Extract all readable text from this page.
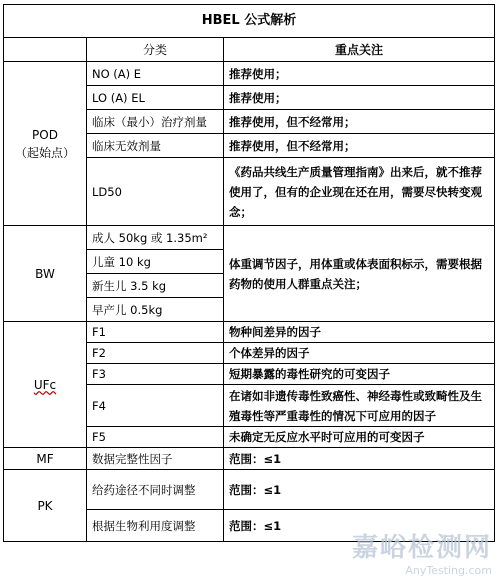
HBEL 公式解析		
	分类	重点关注

POD
（起始点）	NO (A) E	推荐使用；
	LO (A) EL	推荐使用；
	临床（最小）治疗剂量	推荐使用，但不经常用；
	临床无效剂量	推荐使用，但不经常用；
	LD50	《药品共线生产质量管理指南》出来后，就不推荐使用了，但有的企业现在还在用，需要尽快转变观念；
BW	成人 50kg 或 1.35m²	体重调节因子，用体重或体表面积标示，需要根据药物的使用人群重点关注；
	儿童 10 kg	
	新生儿 3.5 kg	
	早产儿 0.5kg	
UFc	F1	物种间差异的因子
	F2	个体差异的因子
	F3	短期暴露的毒性研究的可变因子
	F4	在诸如非遗传毒性致癌性、神经毒性或致畸性及生殖毒性等严重毒性的情况下可应用的因子
	F5	未确定无反应水平时可应用的可变因子
MF	数据完整性因子	范围：≤1
PK	给药途径不同时调整	范围：≤1
	根据生物利用度调整	范围：≤1
嘉峪检测网
AnyTesting.com
